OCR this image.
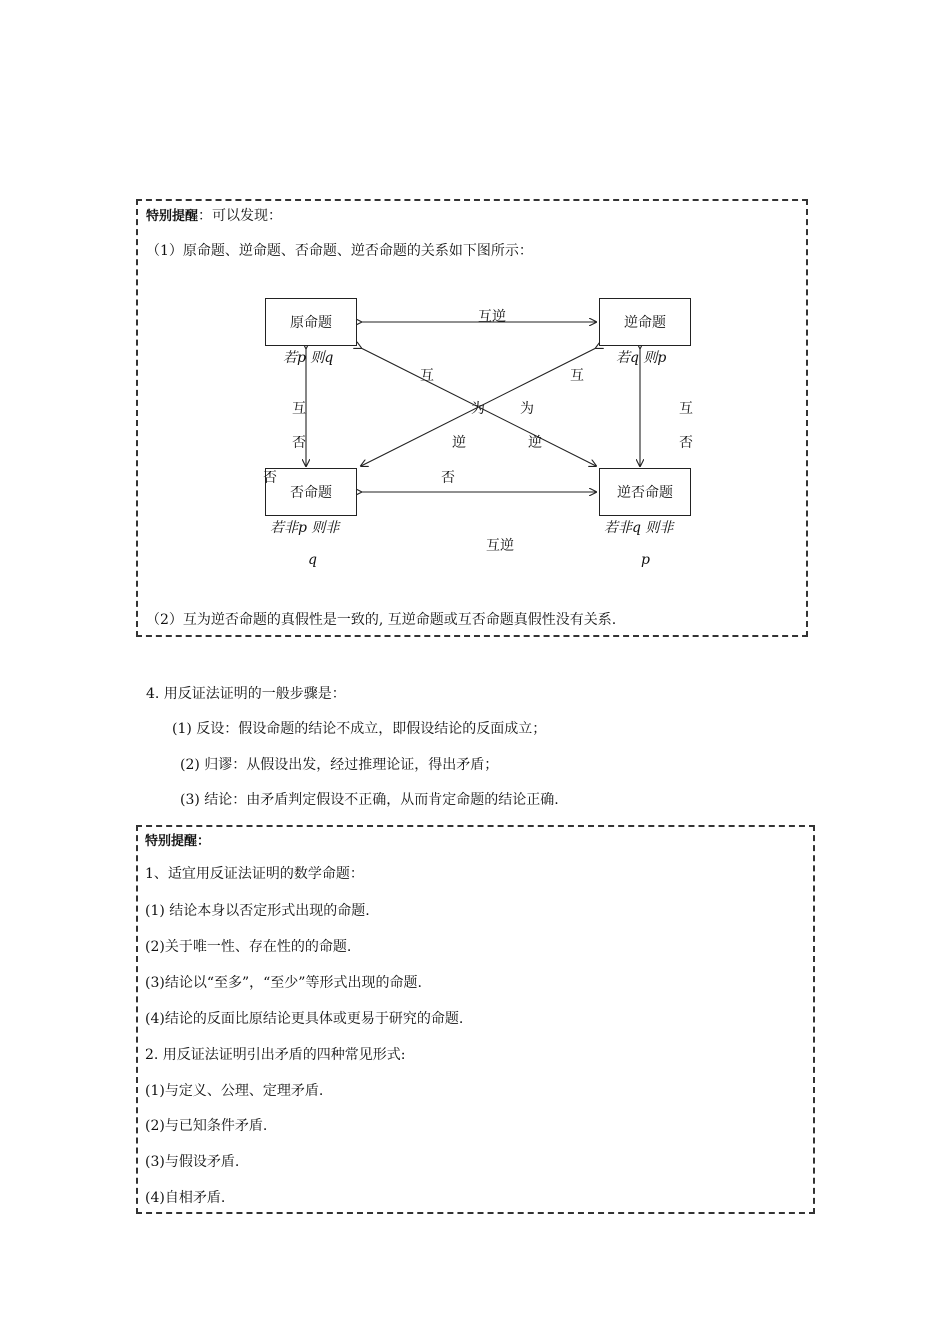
特别提醒：可以发现：
（1）原命题、逆命题、否命题、逆否命题的关系如下图所示：
（2）互为逆否命题的真假性是一致的, 互逆命题或互否命题真假性没有关系.
原命题	逆命题
否命题	逆否命题
若p 则q	若q 则p
若非p 则非
q
若非q 则非
p
互逆
互逆
互
否
否
互
否
互
为
逆
否
互
为
逆
4. 用反证法证明的一般步骤是：
(1) 反设：假设命题的结论不成立，即假设结论的反面成立；
(2) 归谬：从假设出发，经过推理论证，得出矛盾；
(3) 结论：由矛盾判定假设不正确，从而肯定命题的结论正确.
特别提醒：
1、适宜用反证法证明的数学命题：
(1) 结论本身以否定形式出现的命题.
(2)关于唯一性、存在性的的命题.
(3)结论以“至多”，“至少”等形式出现的命题.
(4)结论的反面比原结论更具体或更易于研究的命题.
2. 用反证法证明引出矛盾的四种常见形式:
(1)与定义、公理、定理矛盾.
(2)与已知条件矛盾.
(3)与假设矛盾.
(4)自相矛盾.
